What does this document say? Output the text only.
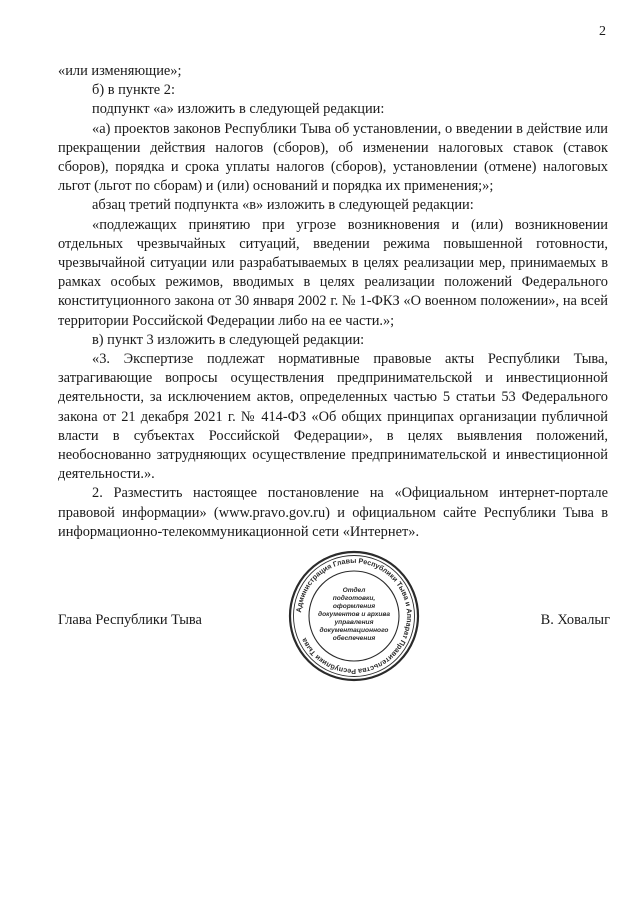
2

«или изменяющие»;

б) в пункте 2:

подпункт «а» изложить в следующей редакции:

«а) проектов законов Республики Тыва об установлении, о введении в действие или прекращении действия налогов (сборов), об изменении налоговых ставок (ставок сборов), порядка и срока уплаты налогов (сборов), установлении (отмене) налоговых льгот (льгот по сборам) и (или) оснований и порядка их применения;»;

абзац третий подпункта «в» изложить в следующей редакции:

«подлежащих принятию при угрозе возникновения и (или) возникновении отдельных чрезвычайных ситуаций, введении режима повышенной готовности, чрезвычайной ситуации или разрабатываемых в целях реализации мер, принимаемых в рамках особых режимов, вводимых в целях реализации положений Федерального конституционного закона от 30 января 2002 г. № 1-ФКЗ «О военном положении», на всей территории Российской Федерации либо на ее части.»;

в) пункт 3 изложить в следующей редакции:

«3. Экспертизе подлежат нормативные правовые акты Республики Тыва, затрагивающие вопросы осуществления предпринимательской и инвестиционной деятельности, за исключением актов, определенных частью 5 статьи 53 Федерального закона от 21 декабря 2021 г. № 414-ФЗ «Об общих принципах организации публичной власти в субъектах Российской Федерации», в целях выявления положений, необоснованно затрудняющих осуществление предпринимательской и инвестиционной деятельности.».

2. Разместить настоящее постановление на «Официальном интернет-портале правовой информации» (www.pravo.gov.ru) и официальном сайте Республики Тыва в информационно-телекоммуникационной сети «Интернет».

Глава Республики Тыва	В. Ховалыг
Администрация Главы Республики Тыва и Аппарат Правительства Республики Тыва
Отдел
подготовки,
оформления
документов и архива
управления
документационного
обеспечения
